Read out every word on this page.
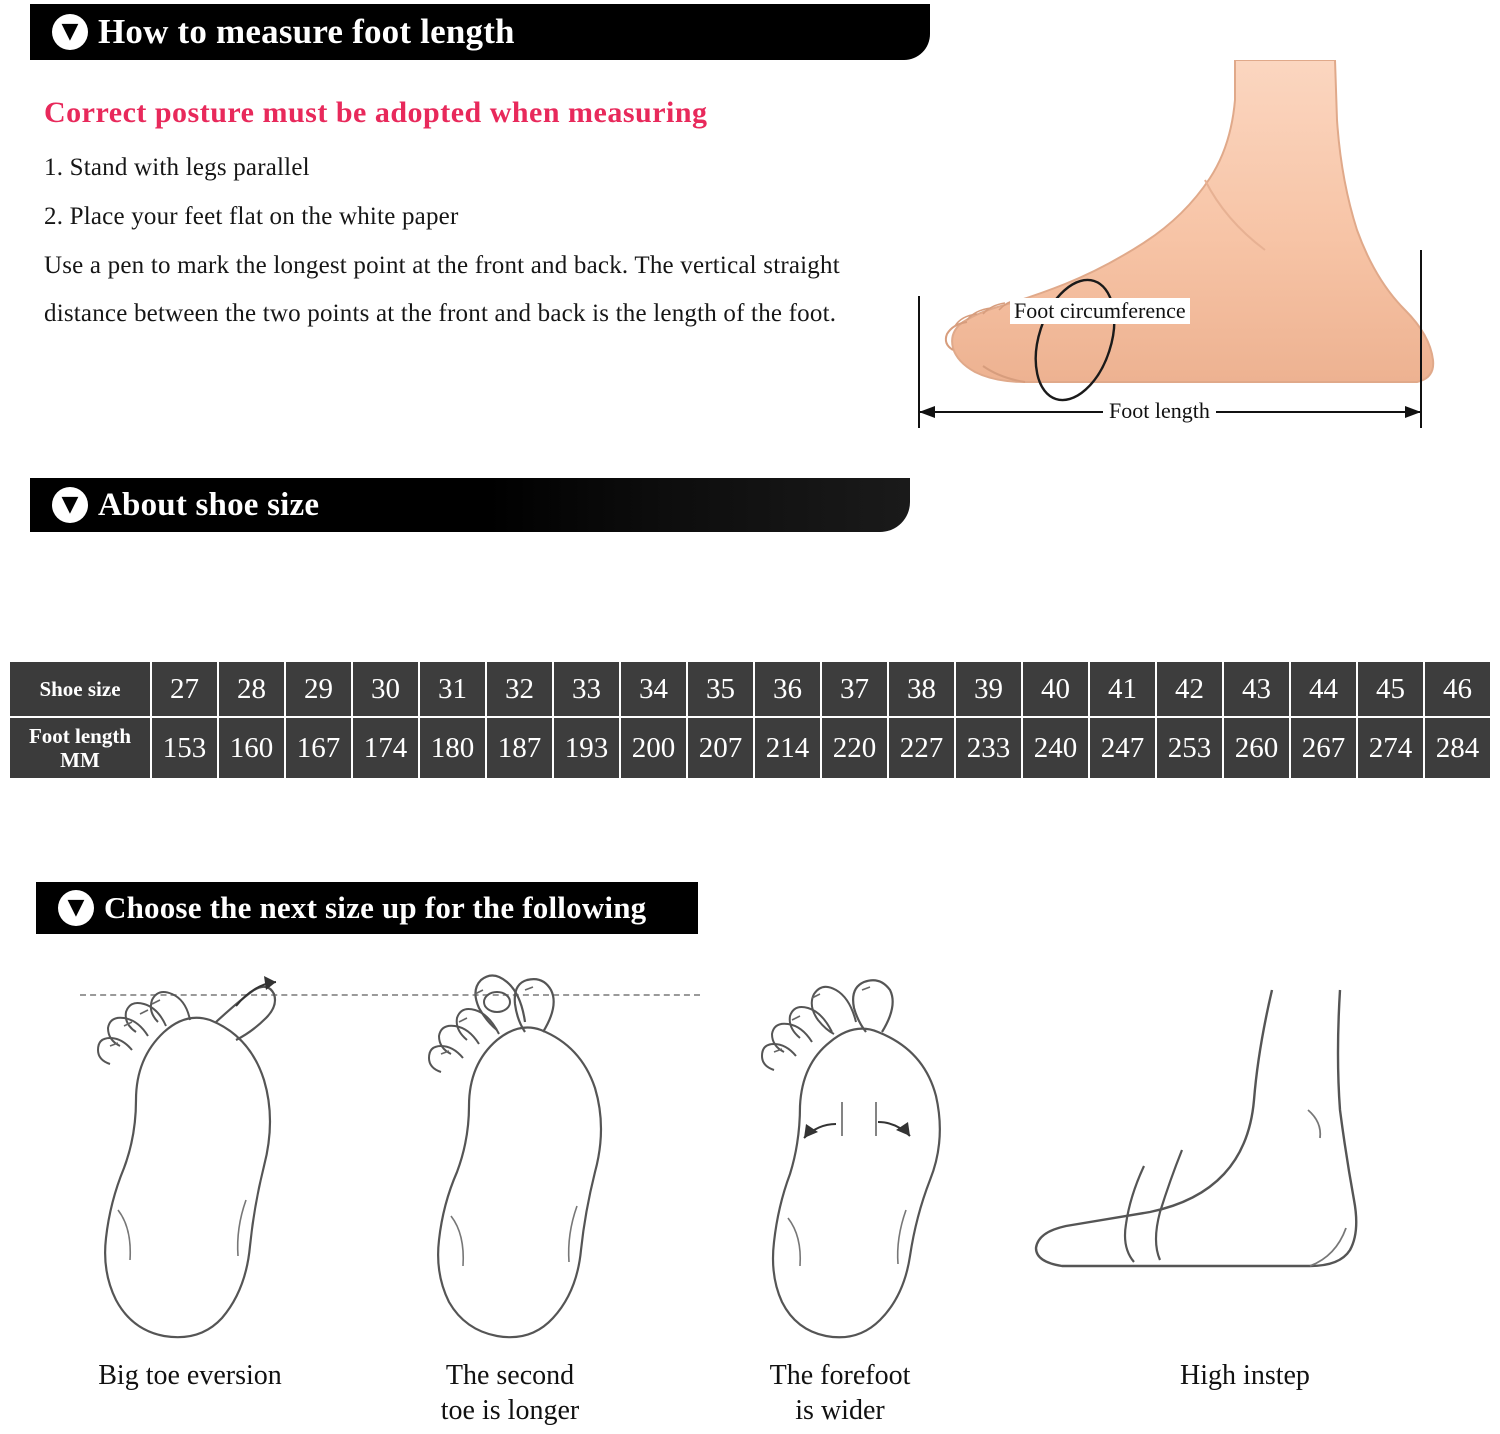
▼ How to measure foot length
Correct posture must be adopted when measuring
1. Stand with legs parallel
2. Place your feet flat on the white paper
Use a pen to mark the longest point at the front and back. The vertical straight distance between the two points at the front and back is the length of the foot.	Foot circumference
Foot length
▼ About shoe size
Shoe size	27	28	29	30	31	32	33	34	35	36	37	38	39	40	41	42	43	44	45	46

Foot length
MM	153	160	167	174	180	187	193	200	207	214	220	227	233	240	247	253	260	267	274	284
▼ Choose the next size up for the following
Big toe eversion	The second
toe is longer
The forefoot
is wider
High instep
